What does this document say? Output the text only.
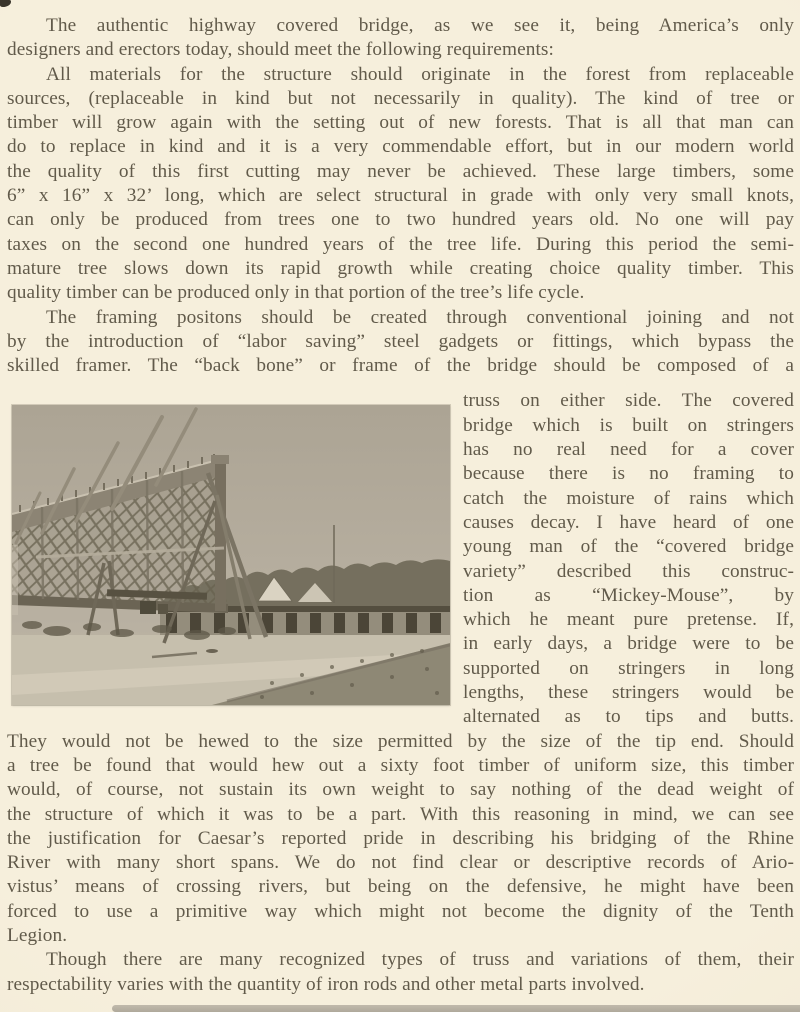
The authentic highway covered bridge, as we see it, being America’s only
designers and erectors today, should meet the following requirements:
All materials for the structure should originate in the forest from replaceable
sources, (replaceable in kind but not necessarily in quality). The kind of tree or
timber will grow again with the setting out of new forests. That is all that man can
do to replace in kind and it is a very commendable effort, but in our modern world
the quality of this first cutting may never be achieved. These large timbers, some
6” x 16” x 32’ long, which are select structural in grade with only very small knots,
can only be produced from trees one to two hundred years old. No one will pay
taxes on the second one hundred years of the tree life. During this period the semi-
mature tree slows down its rapid growth while creating choice quality timber. This
quality timber can be produced only in that portion of the tree’s life cycle.
The framing positons should be created through conventional joining and not
by the introduction of “labor saving” steel gadgets or fittings, which bypass the
skilled framer. The “back bone” or frame of the bridge should be composed of a
truss on either side. The covered
bridge which is built on stringers
has no real need for a cover
because there is no framing to
catch the moisture of rains which
causes decay. I have heard of one
young man of the “covered bridge
variety” described this construc-
tion as “Mickey-Mouse”, by
which he meant pure pretense. If,
in early days, a bridge were to be
supported on stringers in long
lengths, these stringers would be
alternated as to tips and butts.
They would not be hewed to the size permitted by the size of the tip end. Should
a tree be found that would hew out a sixty foot timber of uniform size, this timber
would, of course, not sustain its own weight to say nothing of the dead weight of
the structure of which it was to be a part. With this reasoning in mind, we can see
the justification for Caesar’s reported pride in describing his bridging of the Rhine
River with many short spans. We do not find clear or descriptive records of Ario-
vistus’ means of crossing rivers, but being on the defensive, he might have been
forced to use a primitive way which might not become the dignity of the Tenth
Legion.
Though there are many recognized types of truss and variations of them, their
respectability varies with the quantity of iron rods and other metal parts involved.
